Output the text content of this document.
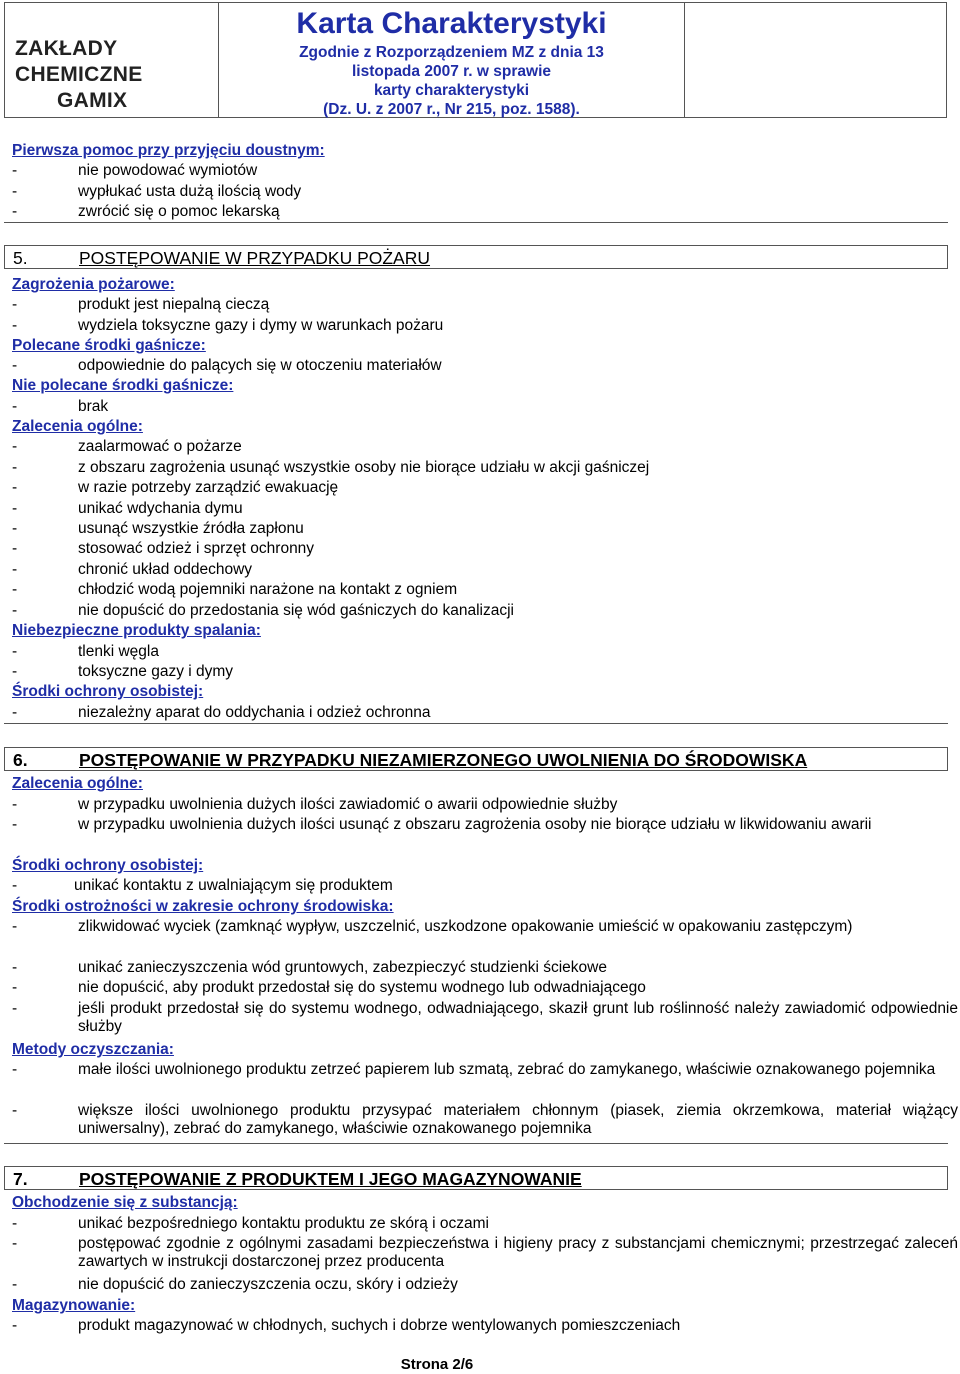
ZAKŁADY CHEMICZNE
GAMIX
Karta Charakterystyki
Zgodnie z Rozporządzeniem MZ z dnia 13
listopada 2007 r. w sprawie
karty charakterystyki
(Dz. U. z 2007 r., Nr 215, poz. 1588).
Pierwsza pomoc przy przyjęciu doustnym:
-	nie powodować wymiotów
-	wypłukać usta dużą ilością wody
-	zwrócić się o pomoc lekarską
5.	POSTĘPOWANIE W PRZYPADKU POŻARU
Zagrożenia pożarowe:
-	produkt jest niepalną cieczą
-	wydziela toksyczne gazy i dymy w warunkach pożaru
Polecane środki gaśnicze:
-	odpowiednie do palących się w otoczeniu materiałów
Nie polecane środki gaśnicze:
-	brak
Zalecenia ogólne:
-	zaalarmować o pożarze
-	z obszaru zagrożenia usunąć wszystkie osoby nie biorące udziału w akcji gaśniczej
-	w razie potrzeby zarządzić ewakuację
-	unikać wdychania dymu
-	usunąć wszystkie źródła zapłonu
-	stosować odzież i sprzęt ochronny
-	chronić układ oddechowy
-	chłodzić wodą pojemniki narażone na kontakt z ogniem
-	nie dopuścić do przedostania się wód gaśniczych do kanalizacji
Niebezpieczne produkty spalania:
-	tlenki węgla
-	toksyczne gazy i dymy
Środki ochrony osobistej:
-	niezależny aparat do oddychania i odzież ochronna
6.	POSTĘPOWANIE W PRZYPADKU NIEZAMIERZONEGO UWOLNIENIA DO ŚRODOWISKA
Zalecenia ogólne:
-	w przypadku uwolnienia dużych ilości zawiadomić o awarii odpowiednie służby
-	w przypadku uwolnienia dużych ilości usunąć z obszaru zagrożenia osoby nie biorące udziału w likwidowaniu awarii
Środki ochrony osobistej:
-	unikać kontaktu z uwalniającym się produktem
Środki ostrożności w zakresie ochrony środowiska:
-	zlikwidować wyciek (zamknąć wypływ, uszczelnić, uszkodzone opakowanie umieścić w opakowaniu zastępczym)
-	unikać zanieczyszczenia wód gruntowych, zabezpieczyć studzienki ściekowe
-	nie dopuścić, aby produkt przedostał się do systemu wodnego lub odwadniającego
-	jeśli produkt przedostał się do systemu wodnego, odwadniającego, skaził grunt lub roślinność należy zawiadomić odpowiednie służby
Metody oczyszczania:
-	małe ilości uwolnionego produktu zetrzeć papierem lub szmatą, zebrać do zamykanego, właściwie oznakowanego pojemnika
-	większe ilości uwolnionego produktu przysypać materiałem chłonnym (piasek, ziemia okrzemkowa, materiał wiążący uniwersalny), zebrać do zamykanego, właściwie oznakowanego pojemnika
7.	POSTĘPOWANIE Z PRODUKTEM I JEGO MAGAZYNOWANIE
Obchodzenie się z substancją:
-	unikać bezpośredniego kontaktu produktu ze skórą i oczami
-	postępować zgodnie z ogólnymi zasadami bezpieczeństwa i higieny pracy z substancjami chemicznymi; przestrzegać zaleceń zawartych w instrukcji dostarczonej przez producenta
-	nie dopuścić do zanieczyszczenia oczu, skóry i odzieży
Magazynowanie:
-	produkt magazynować w chłodnych, suchych i dobrze wentylowanych pomieszczeniach
Strona 2/6
